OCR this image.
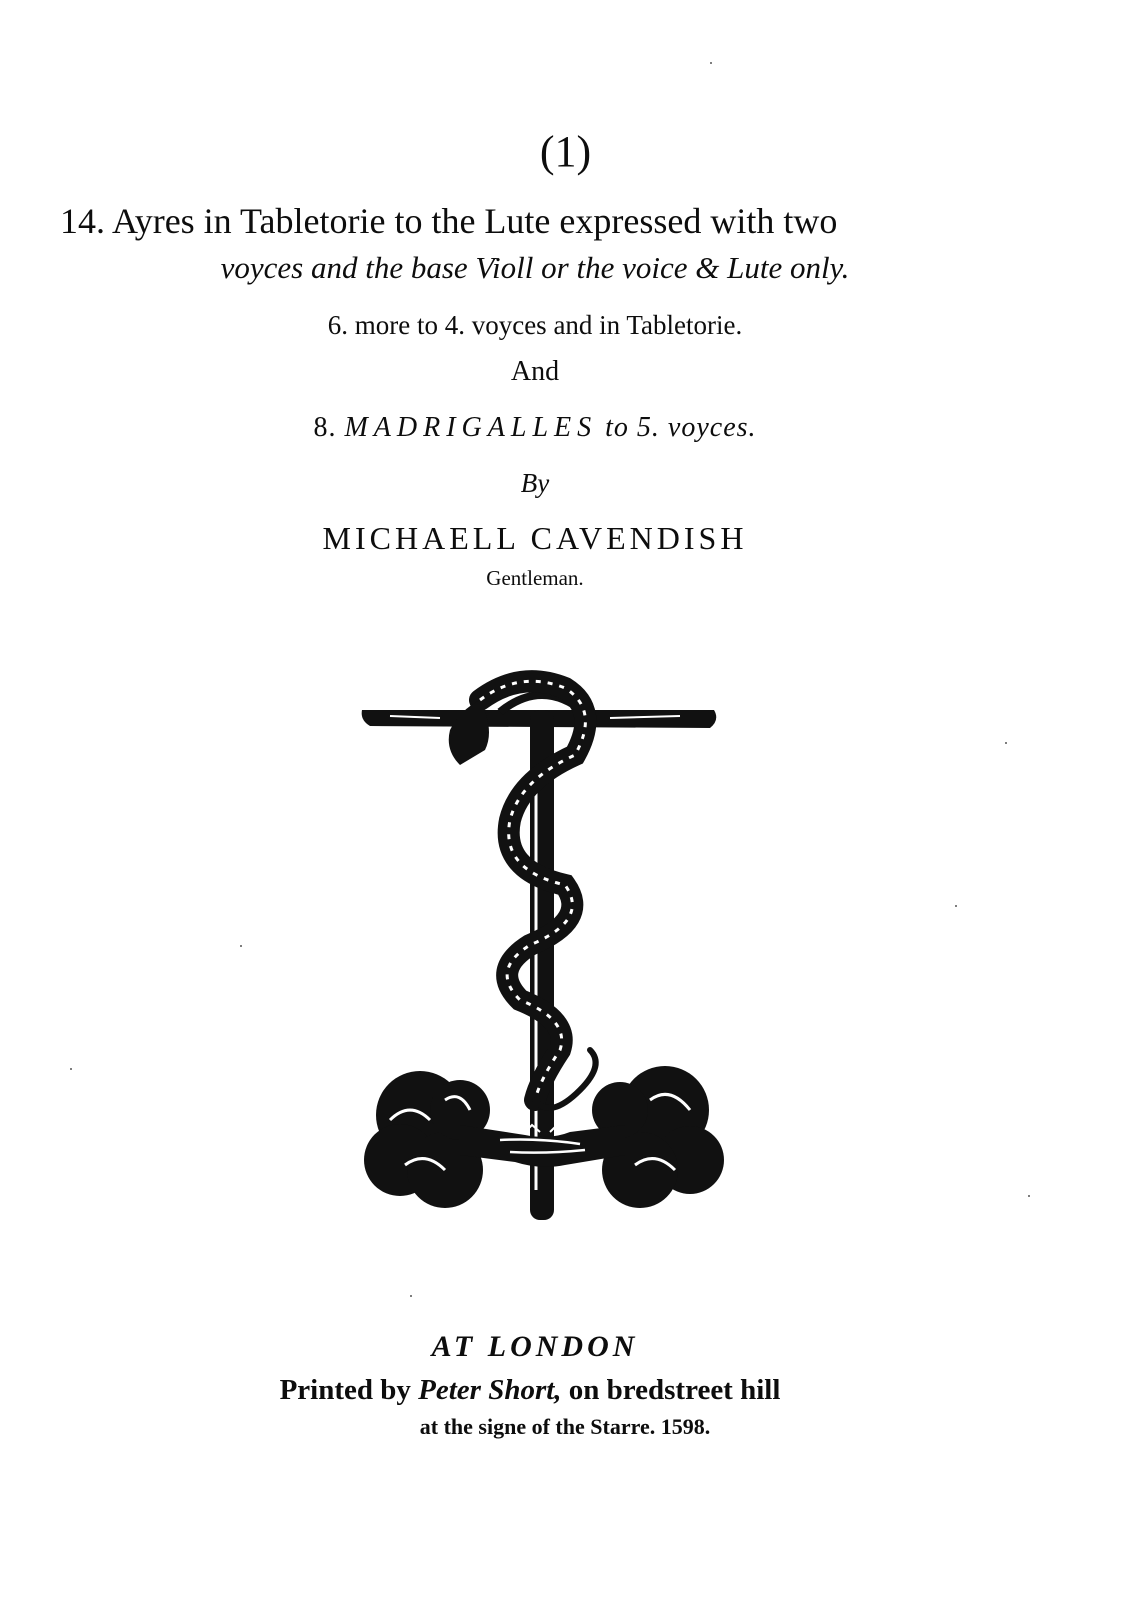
(1)
14. Ayres in Tabletorie to the Lute expressed with two
voyces and the base Violl or the voice & Lute only.
6. more to 4. voyces and in Tabletorie.
And
8. MADRIGALLES to 5. voyces.
By
MICHAELL CAVENDISH
Gentleman.
AT LONDON
Printed by Peter Short, on bredstreet hill
at the signe of the Starre. 1598.
